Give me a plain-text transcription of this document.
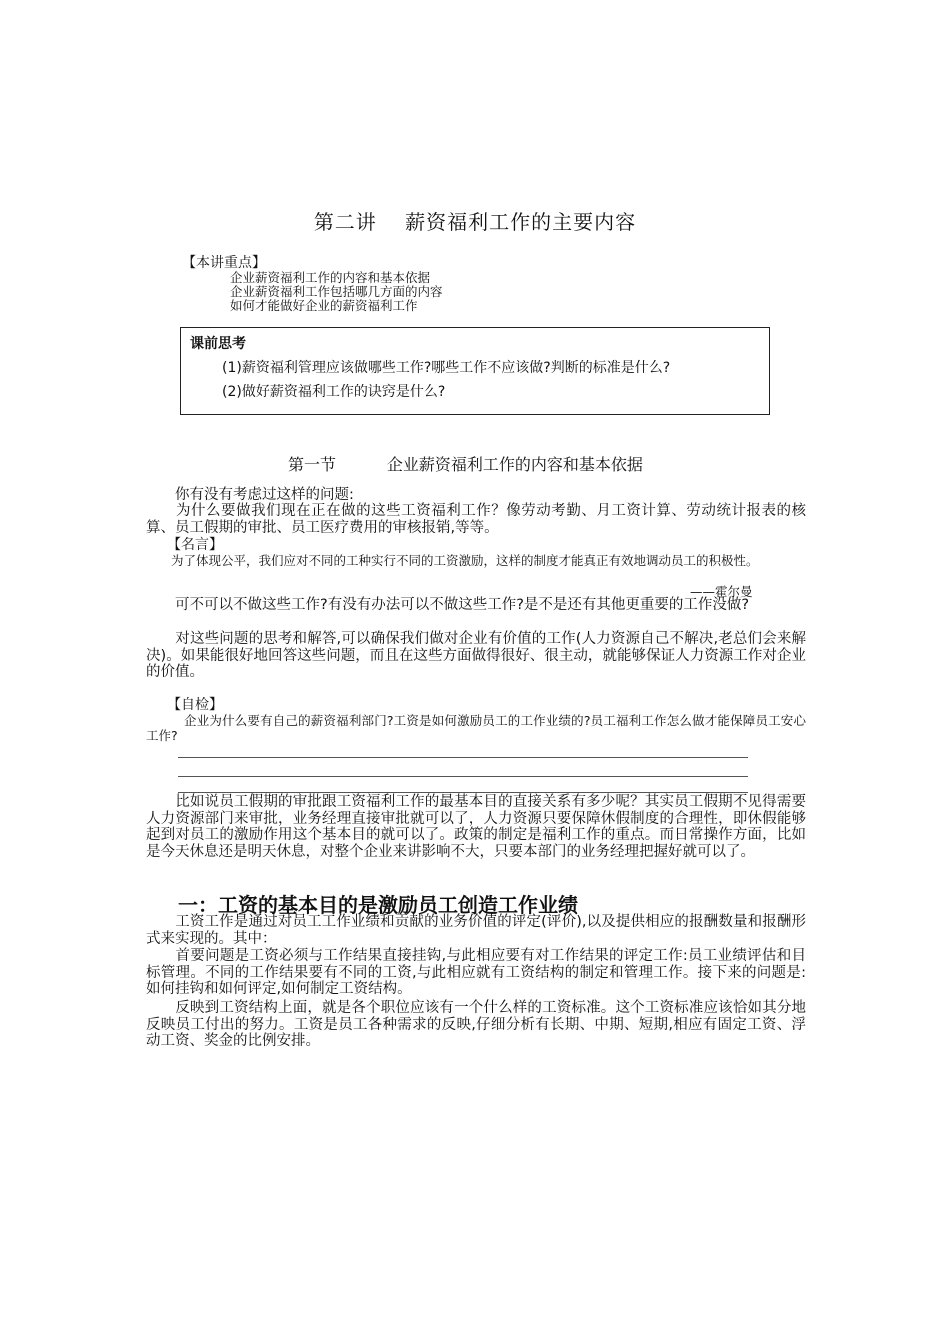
第二讲　 薪资福利工作的主要内容
【本讲重点】
企业薪资福利工作的内容和基本依据
企业薪资福利工作包括哪几方面的内容
如何才能做好企业的薪资福利工作
课前思考
(1)薪资福利管理应该做哪些工作?哪些工作不应该做?判断的标准是什么?
(2)做好薪资福利工作的诀窍是什么?
第一节	企业薪资福利工作的内容和基本依据
　　你有没有考虑过这样的问题:
　　为什么要做我们现在正在做的这些工资福利工作？像劳动考勤、月工资计算、劳动统计报表的核算、员工假期的审批、员工医疗费用的审核报销,等等。
　　【名言】
　　为了体现公平，我们应对不同的工种实行不同的工资激励，这样的制度才能真正有效地调动员工的积极性。
——霍尔曼
　　可不可以不做这些工作?有没有办法可以不做这些工作?是不是还有其他更重要的工作没做?
　　对这些问题的思考和解答,可以确保我们做对企业有价值的工作(人力资源自己不解决,老总们会来解决)。如果能很好地回答这些问题，而且在这些方面做得很好、很主动，就能够保证人力资源工作对企业的价值。
　　【自检】
　　　企业为什么要有自己的薪资福利部门?工资是如何激励员工的工作业绩的?员工福利工作怎么做才能保障员工安心工作?
　　比如说员工假期的审批跟工资福利工作的最基本目的直接关系有多少呢？其实员工假期不见得需要人力资源部门来审批，业务经理直接审批就可以了，人力资源只要保障休假制度的合理性，即休假能够起到对员工的激励作用这个基本目的就可以了。政策的制定是福利工作的重点。而日常操作方面，比如是今天休息还是明天休息，对整个企业来讲影响不大，只要本部门的业务经理把握好就可以了。
一：工资的基本目的是激励员工创造工作业绩
　　工资工作是通过对员工工作业绩和贡献的业务价值的评定(评价),以及提供相应的报酬数量和报酬形式来实现的。其中：
　　首要问题是工资必须与工作结果直接挂钩,与此相应要有对工作结果的评定工作:员工业绩评估和目标管理。不同的工作结果要有不同的工资,与此相应就有工资结构的制定和管理工作。接下来的问题是:如何挂钩和如何评定,如何制定工资结构。
　　反映到工资结构上面，就是各个职位应该有一个什么样的工资标准。这个工资标准应该恰如其分地反映员工付出的努力。工资是员工各种需求的反映,仔细分析有长期、中期、短期,相应有固定工资、浮动工资、奖金的比例安排。
